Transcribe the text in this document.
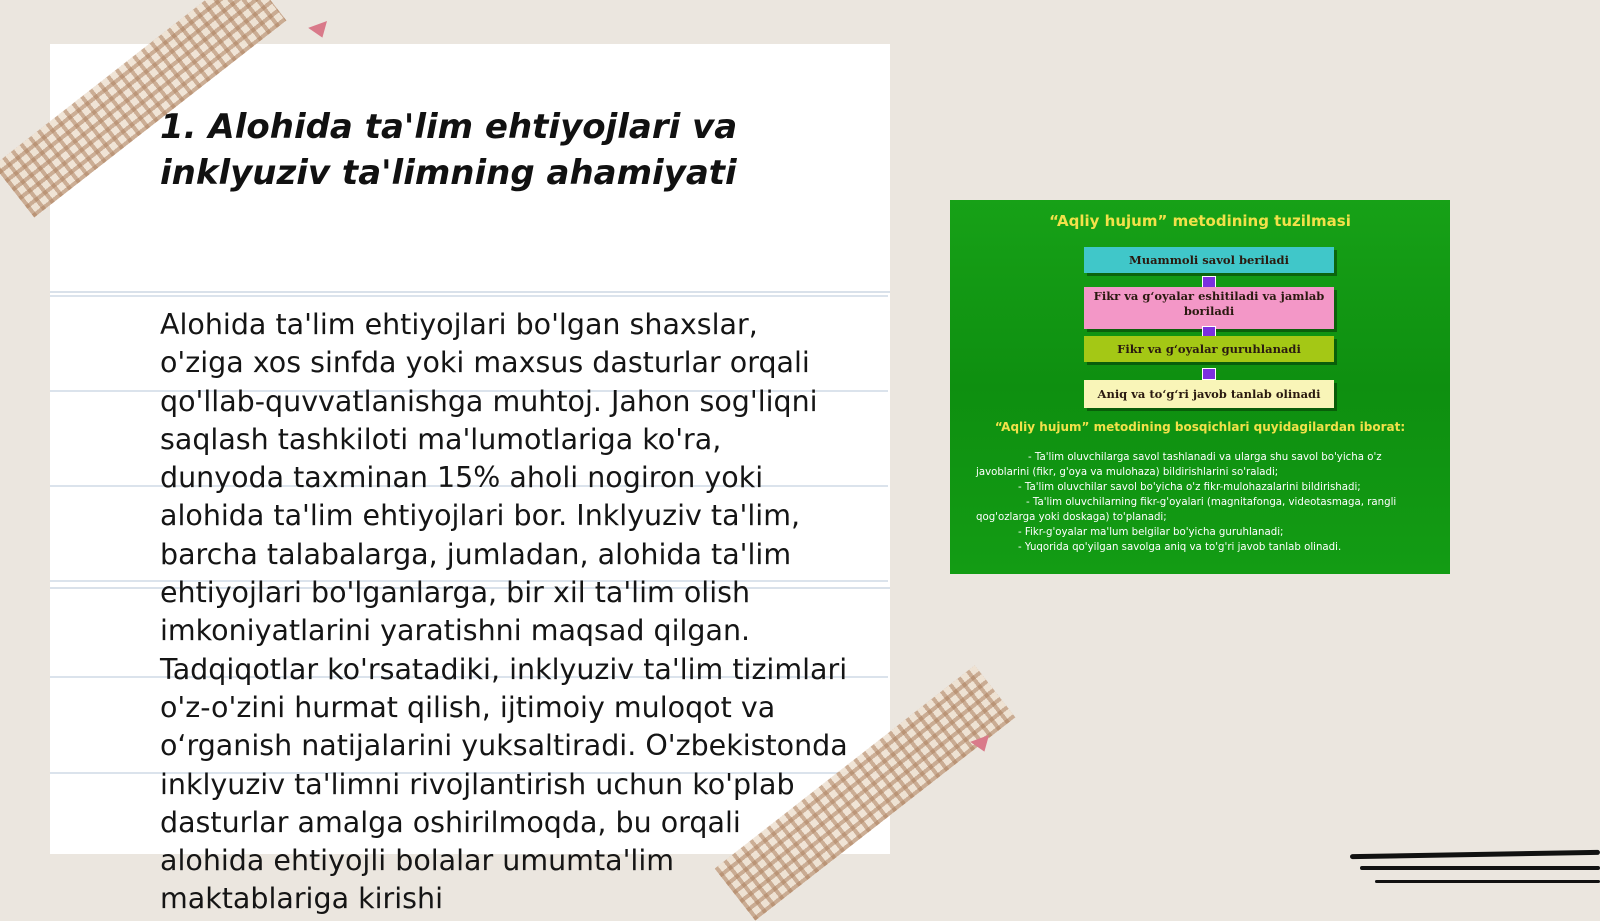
1. Alohida ta'lim ehtiyojlari va
inklyuziv ta'limning ahamiyati

Alohida ta'lim ehtiyojlari bo'lgan shaxslar, o'ziga xos sinfda yoki maxsus dasturlar orqali qo'llab-quvvatlanishga muhtoj. Jahon sog'liqni saqlash tashkiloti ma'lumotlariga ko'ra, dunyoda taxminan 15% aholi nogiron yoki alohida ta'lim ehtiyojlari bor. Inklyuziv ta'lim, barcha talabalarga, jumladan, alohida ta'lim ehtiyojlari bo'lganlarga, bir xil ta'lim olish imkoniyatlarini yaratishni maqsad qilgan. Tadqiqotlar ko'rsatadiki, inklyuziv ta'lim tizimlari o'z-o'zini hurmat qilish, ijtimoiy muloqot va oʻrganish natijalarini yuksaltiradi. O'zbekistonda inklyuziv ta'limni rivojlantirish uchun ko'plab dasturlar amalga oshirilmoqda, bu orqali alohida ehtiyojli bolalar umumta'lim maktablariga kirishi

“Aqliy hujum” metodining tuzilmasi
Muammoli savol beriladi
Fikr va g‘oyalar eshitiladi va jamlab boriladi
Fikr va g‘oyalar guruhlanadi
Aniq va to‘g‘ri javob tanlab olinadi
“Aqliy hujum” metodining bosqichlari quyidagilardan iborat:
- Ta'lim oluvchilarga savol tashlanadi va ularga shu savol bo'yicha o'z javoblarini (fikr, g'oya va mulohaza) bildirishlarini so'raladi;
- Ta'lim oluvchilar savol bo'yicha o'z fikr-mulohazalarini bildirishadi;
- Ta'lim oluvchilarning fikr-g'oyalari (magnitafonga, videotasmaga, rangli qog'ozlarga yoki doskaga) to'planadi;
- Fikr-g'oyalar ma'lum belgilar bo'yicha guruhlanadi;
- Yuqorida qo'yilgan savolga aniq va to'g'ri javob tanlab olinadi.
